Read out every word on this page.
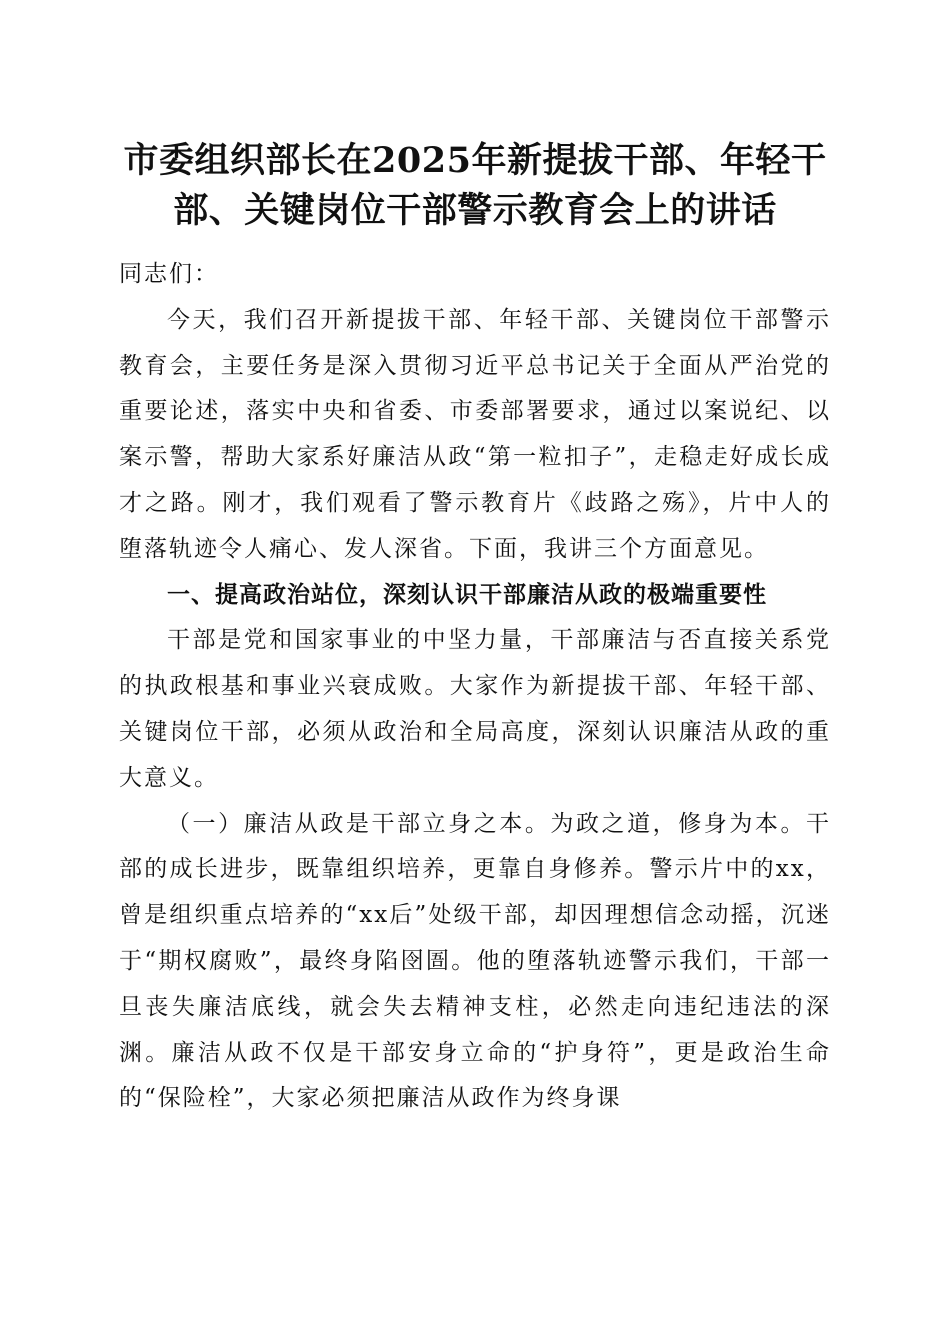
市委组织部长在2025年新提拔干部、年轻干
部、关键岗位干部警示教育会上的讲话

同志们：

今天，我们召开新提拔干部、年轻干部、关键岗位干部警示教育会，主要任务是深入贯彻习近平总书记关于全面从严治党的重要论述，落实中央和省委、市委部署要求，通过以案说纪、以案示警，帮助大家系好廉洁从政“第一粒扣子”，走稳走好成长成才之路。刚才，我们观看了警示教育片《歧路之殇》，片中人的堕落轨迹令人痛心、发人深省。下面，我讲三个方面意见。

一、提高政治站位，深刻认识干部廉洁从政的极端重要性

干部是党和国家事业的中坚力量，干部廉洁与否直接关系党的执政根基和事业兴衰成败。大家作为新提拔干部、年轻干部、关键岗位干部，必须从政治和全局高度，深刻认识廉洁从政的重大意义。

（一）廉洁从政是干部立身之本。为政之道，修身为本。干部的成长进步，既靠组织培养，更靠自身修养。警示片中的xx，曾是组织重点培养的“xx后”处级干部，却因理想信念动摇，沉迷于“期权腐败”，最终身陷囹圄。他的堕落轨迹警示我们，干部一旦丧失廉洁底线，就会失去精神支柱，必然走向违纪违法的深渊。廉洁从政不仅是干部安身立命的“护身符”，更是政治生命的“保险栓”，大家必须把廉洁从政作为终身课
